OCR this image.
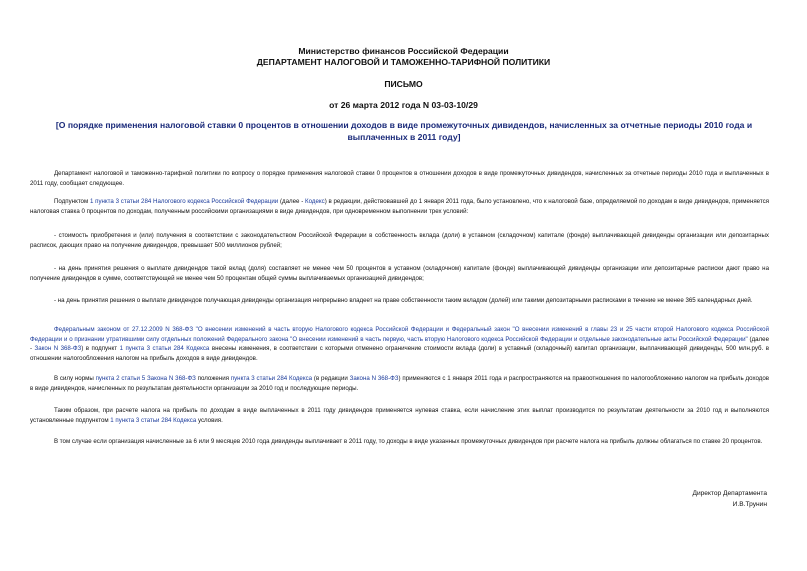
Министерство финансов Российской Федерации
ДЕПАРТАМЕНТ НАЛОГОВОЙ И ТАМОЖЕННО-ТАРИФНОЙ ПОЛИТИКИ
ПИСЬМО
от 26 марта 2012 года N 03-03-10/29
[О порядке применения налоговой ставки 0 процентов в отношении доходов в виде промежуточных дивидендов, начисленных за отчетные периоды 2010 года и выплаченных в 2011 году]

Департамент налоговой и таможенно-тарифной политики по вопросу о порядке применения налоговой ставки 0 процентов в отношении доходов в виде промежуточных дивидендов, начисленных за отчетные периоды 2010 года и выплаченных в 2011 году, сообщает следующее.

Подпунктом 1 пункта 3 статьи 284 Налогового кодекса Российской Федерации (далее - Кодекс) в редакции, действовавшей до 1 января 2011 года, было установлено, что к налоговой базе, определяемой по доходам в виде дивидендов, применяется налоговая ставка 0 процентов по доходам, полученным российскими организациями в виде дивидендов, при одновременном выполнении трех условий:

- стоимость приобретения и (или) получения в соответствии с законодательством Российской Федерации в собственность вклада (доли) в уставном (складочном) капитале (фонде) выплачивающей дивиденды организации или депозитарных расписок, дающих право на получение дивидендов, превышает 500 миллионов рублей;

- на день принятия решения о выплате дивидендов такой вклад (доля) составляет не менее чем 50 процентов в уставном (складочном) капитале (фонде) выплачивающей дивиденды организации или депозитарные расписки дают право на получение дивидендов в сумме, соответствующей не менее чем 50 процентам общей суммы выплачиваемых организацией дивидендов;

- на день принятия решения о выплате дивидендов получающая дивиденды организация непрерывно владеет на праве собственности таким вкладом (долей) или такими депозитарными расписками в течение не менее 365 календарных дней.

Федеральным законом от 27.12.2009 N 368-ФЗ "О внесении изменений в часть вторую Налогового кодекса Российской Федерации и Федеральный закон "О внесении изменений в главы 23 и 25 части второй Налогового кодекса Российской Федерации и о признании утратившими силу отдельных положений Федерального закона "О внесении изменений в часть первую, часть вторую Налогового кодекса Российской Федерации и отдельные законодательные акты Российской Федерации" (далее - Закон N 368-ФЗ) в подпункт 1 пункта 3 статьи 284 Кодекса внесены изменения, в соответствии с которыми отменено ограничение стоимости вклада (доли) в уставный (складочный) капитал организации, выплачивающей дивиденды, 500 млн.руб. в отношении налогообложения налогом на прибыль доходов в виде дивидендов.

В силу нормы пункта 2 статьи 5 Закона N 368-ФЗ положения пункта 3 статьи 284 Кодекса (в редакции Закона N 368-ФЗ) применяются с 1 января 2011 года и распространяются на правоотношения по налогообложению налогом на прибыль доходов в виде дивидендов, начисленных по результатам деятельности организации за 2010 год и последующие периоды.

Таким образом, при расчете налога на прибыль по доходам в виде выплаченных в 2011 году дивидендов применяется нулевая ставка, если начисление этих выплат производится по результатам деятельности за 2010 год и выполняются установленные подпунктом 1 пункта 3 статьи 284 Кодекса условия.

В том случае если организация начисленные за 6 или 9 месяцев 2010 года дивиденды выплачивает в 2011 году, то доходы в виде указанных промежуточных дивидендов при расчете налога на прибыль должны облагаться по ставке 20 процентов.

Директор Департамента
И.В.Трунин
